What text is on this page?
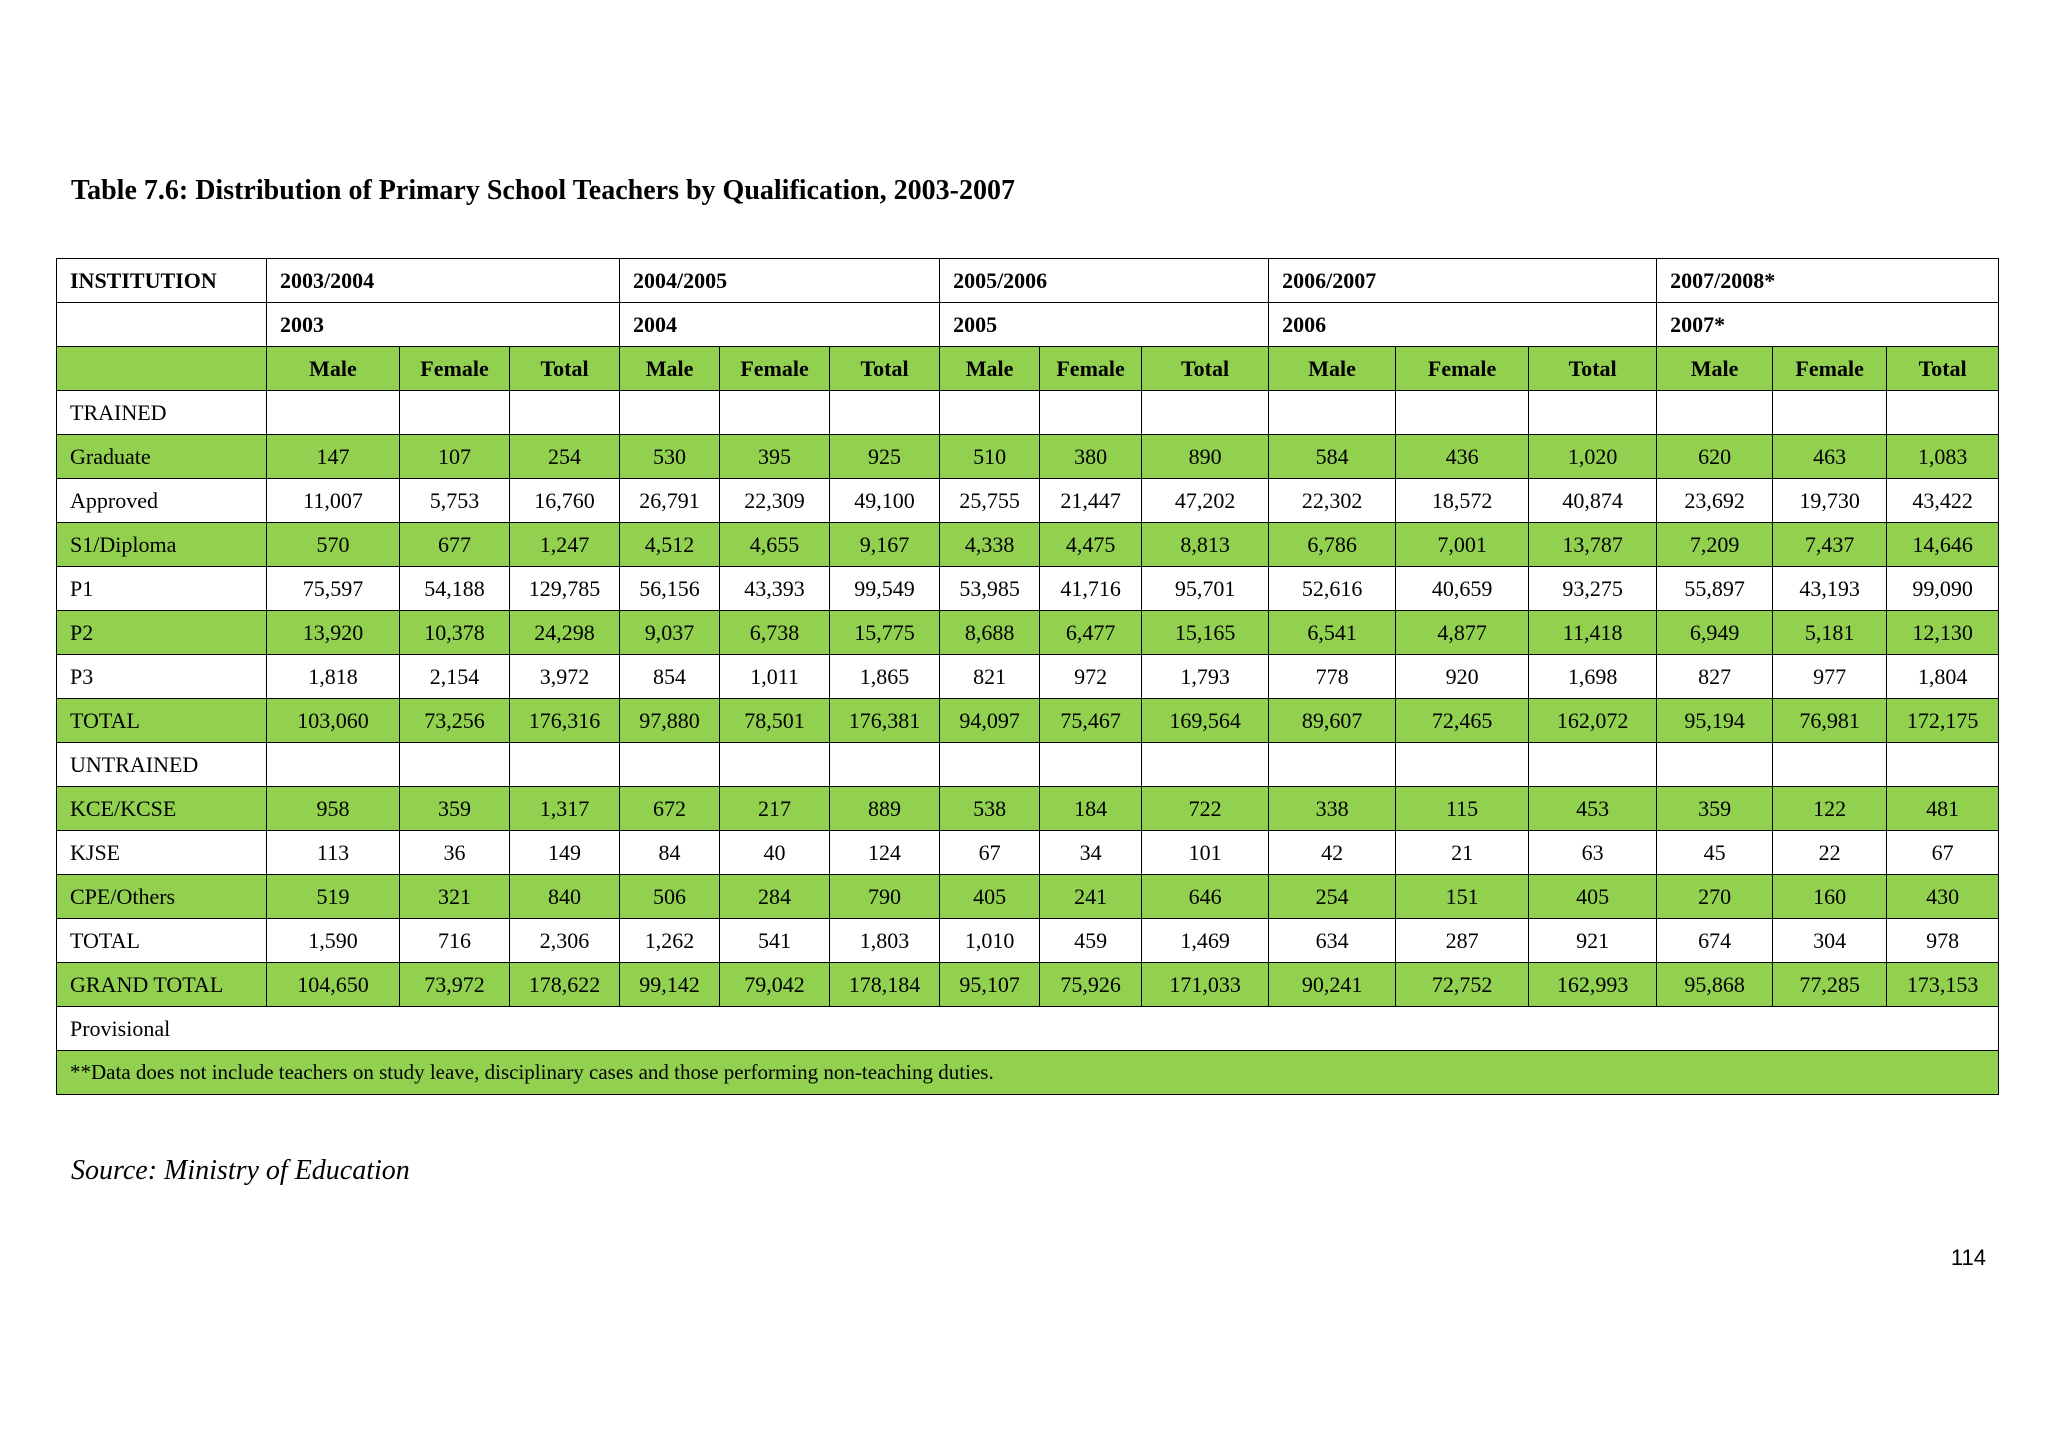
Table 7.6: Distribution of Primary School Teachers by Qualification, 2003-2007
INSTITUTION	2003/2004			2004/2005			2005/2006			2006/2007			2007/2008*		
	2003			2004			2005			2006			2007*		
	Male	Female	Total	Male	Female	Total	Male	Female	Total	Male	Female	Total	Male	Female	Total
TRAINED															
Graduate	147	107	254	530	395	925	510	380	890	584	436	1,020	620	463	1,083
Approved	11,007	5,753	16,760	26,791	22,309	49,100	25,755	21,447	47,202	22,302	18,572	40,874	23,692	19,730	43,422
S1/Diploma	570	677	1,247	4,512	4,655	9,167	4,338	4,475	8,813	6,786	7,001	13,787	7,209	7,437	14,646
P1	75,597	54,188	129,785	56,156	43,393	99,549	53,985	41,716	95,701	52,616	40,659	93,275	55,897	43,193	99,090
P2	13,920	10,378	24,298	9,037	6,738	15,775	8,688	6,477	15,165	6,541	4,877	11,418	6,949	5,181	12,130
P3	1,818	2,154	3,972	854	1,011	1,865	821	972	1,793	778	920	1,698	827	977	1,804
TOTAL	103,060	73,256	176,316	97,880	78,501	176,381	94,097	75,467	169,564	89,607	72,465	162,072	95,194	76,981	172,175
UNTRAINED															
KCE/KCSE	958	359	1,317	672	217	889	538	184	722	338	115	453	359	122	481
KJSE	113	36	149	84	40	124	67	34	101	42	21	63	45	22	67
CPE/Others	519	321	840	506	284	790	405	241	646	254	151	405	270	160	430
TOTAL	1,590	716	2,306	1,262	541	1,803	1,010	459	1,469	634	287	921	674	304	978
GRAND TOTAL	104,650	73,972	178,622	99,142	79,042	178,184	95,107	75,926	171,033	90,241	72,752	162,993	95,868	77,285	173,153
Provisional															
**Data does not include teachers on study leave, disciplinary cases and those performing non-teaching duties.															
Source: Ministry of Education
114
